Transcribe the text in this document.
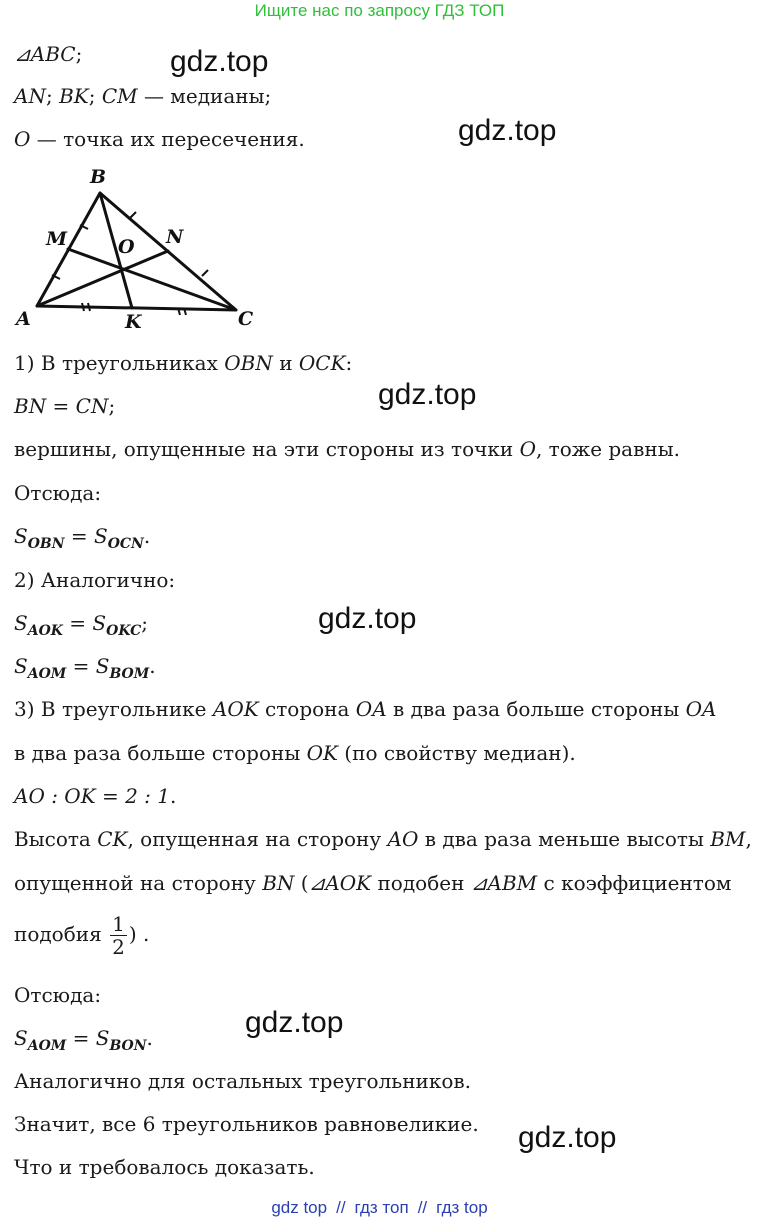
Ищите нас по запросу ГДЗ ТОП
gdz.top
gdz.top
gdz.top
gdz.top
gdz.top
gdz.top
⊿ABC;
AN; BK; CM — медианы;
O — точка их пересечения.
A
B
C
M	N
O
K
1) В треугольниках OBN и OCK:
BN = CN;
вершины, опущенные на эти стороны из точки O, тоже равны.
Отсюда:
$S_{OBN} = S_{OCN}$.
2) Аналогично:
$S_{AOK} = S_{OKC}$;
$S_{AOM} = S_{BOM}$.
3) В треугольнике AOK сторона OA в два раза больше стороны OA
в два раза больше стороны OK (по свойству медиан).
AO : OK = 2 : 1.
Высота CK, опущенная на сторону AO в два раза меньше высоты BM,
опущенной на сторону BN (⊿AOK подобен ⊿ABM с коэффициентом
подобия $\frac{1}{2}$ ) .
Отсюда:
$S_{AOM} = S_{BON}$.
Аналогично для остальных треугольников.
Значит, все 6 треугольников равновеликие.
Что и требовалось доказать.
gdz top // гдз топ // гдз top
